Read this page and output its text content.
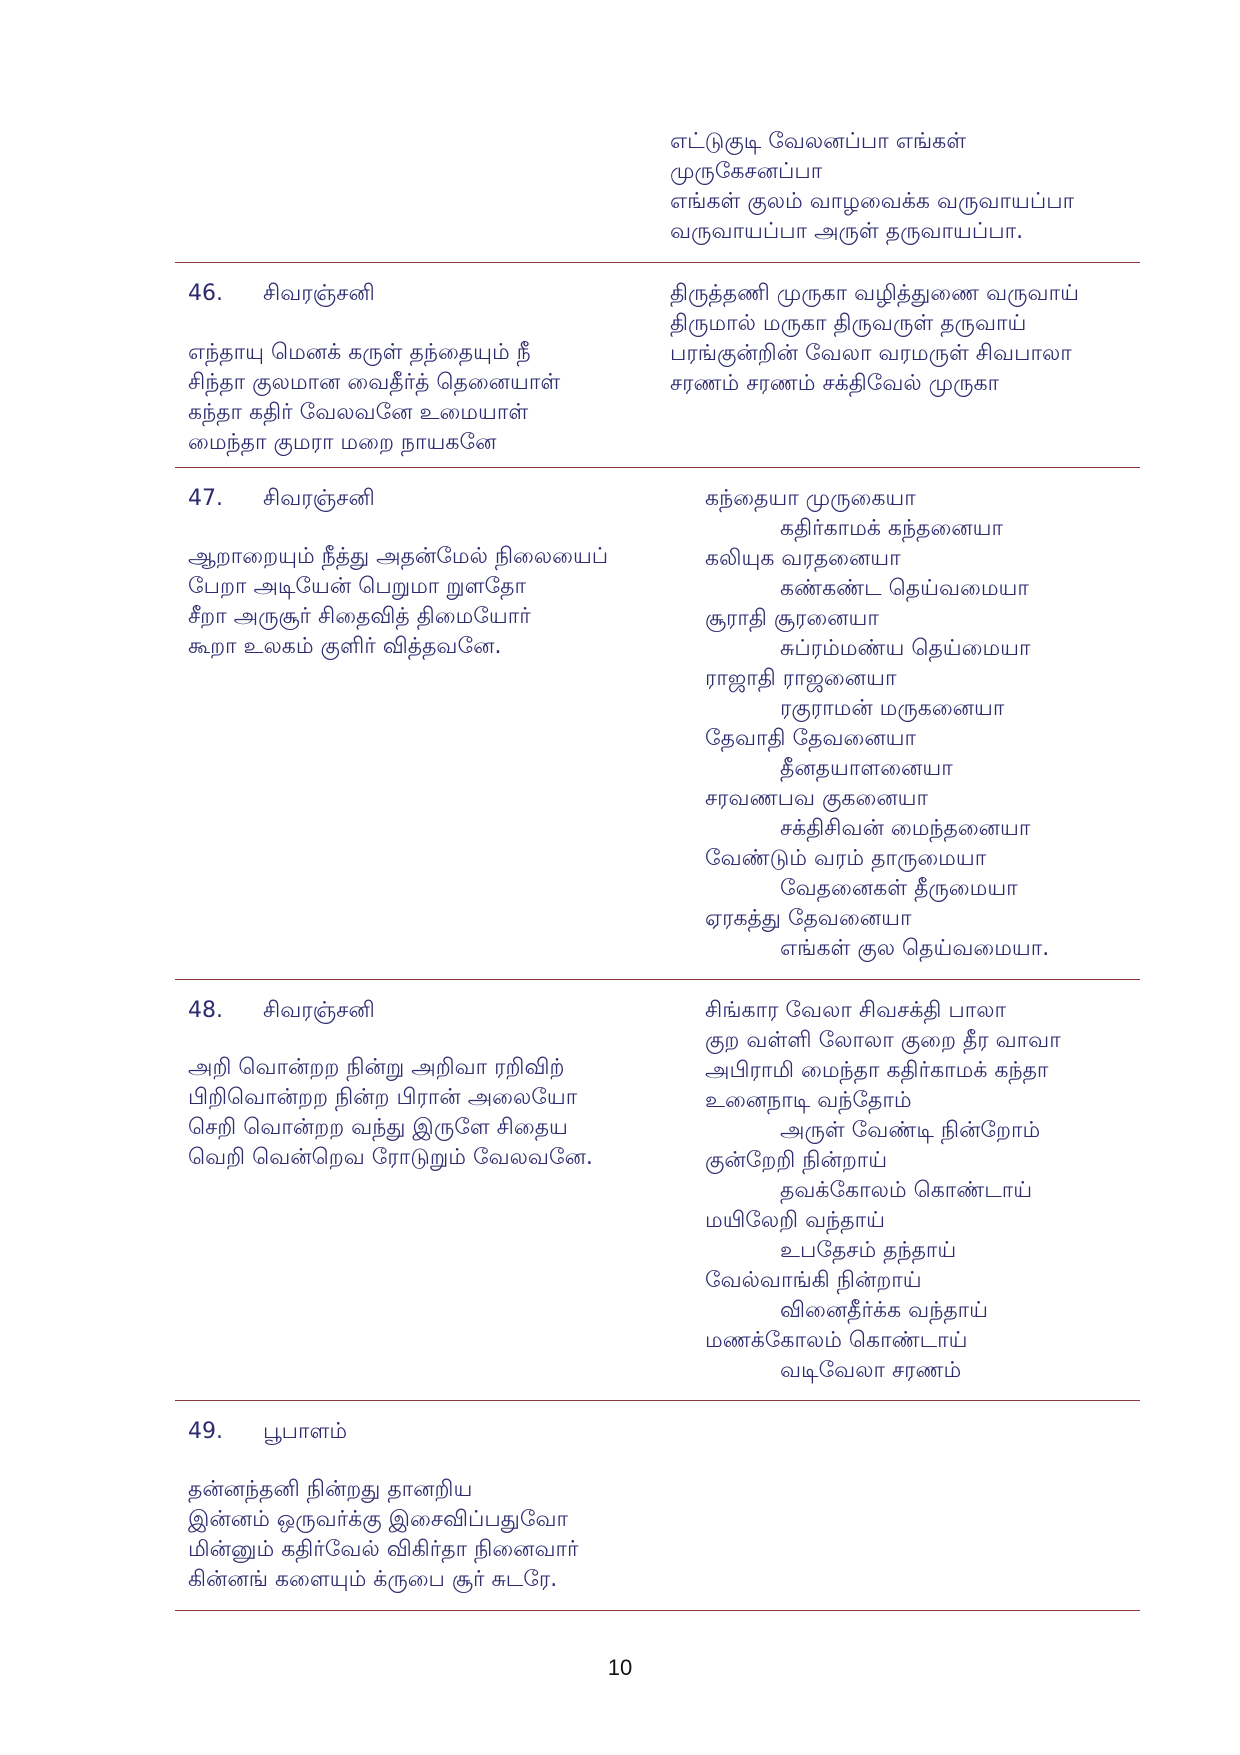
எட்டுகுடி வேலனப்பா எங்கள்
முருகேசனப்பா
எங்கள் குலம் வாழவைக்க வருவாயப்பா
வருவாயப்பா அருள் தருவாயப்பா.
46. சிவரஞ்சனி
எந்தாயு மெனக் கருள் தந்தையும் நீ
சிந்தா குலமான வைதீர்த் தெனையாள்
கந்தா கதிர் வேலவனே உமையாள்
மைந்தா குமரா மறை நாயகனே
திருத்தணி முருகா வழித்துணை வருவாய்
திருமால் மருகா திருவருள் தருவாய்
பரங்குன்றின் வேலா வரமருள் சிவபாலா
சரணம் சரணம் சக்திவேல் முருகா
47. சிவரஞ்சனி
ஆறாறையும் நீத்து அதன்மேல் நிலையைப்
பேறா அடியேன் பெறுமா றுளதோ
சீறா அருசூர் சிதைவித் திமையோர்
கூறா உலகம் குளிர் வித்தவனே.
கந்தையா முருகையா
கதிர்காமக் கந்தனையா
கலியுக வரதனையா
கண்கண்ட தெய்வமையா
சூராதி சூரனையா
சுப்ரம்மண்ய தெய்மையா
ராஜாதி ராஜனையா
ரகுராமன் மருகனையா
தேவாதி தேவனையா
தீனதயாளனையா
சரவணபவ குகனையா
சக்திசிவன் மைந்தனையா
வேண்டும் வரம் தாருமையா
வேதனைகள் தீருமையா
ஏரகத்து தேவனையா
எங்கள் குல தெய்வமையா.
48. சிவரஞ்சனி
அறி வொன்றற நின்று அறிவா ரறிவிற்
பிறிவொன்றற நின்ற பிரான் அலையோ
செறி வொன்றற வந்து இருளே சிதைய
வெறி வென்றெவ ரோடுறும் வேலவனே.
சிங்கார வேலா சிவசக்தி பாலா
குற வள்ளி லோலா குறை தீர வாவா
அபிராமி மைந்தா கதிர்காமக் கந்தா
உனைநாடி வந்தோம்
அருள் வேண்டி நின்றோம்
குன்றேறி நின்றாய்
தவக்கோலம் கொண்டாய்
மயிலேறி வந்தாய்
உபதேசம் தந்தாய்
வேல்வாங்கி நின்றாய்
வினைதீர்க்க வந்தாய்
மணக்கோலம் கொண்டாய்
வடிவேலா சரணம்
49. பூபாளம்
தன்னந்தனி நின்றது தானறிய
இன்னம் ஒருவர்க்கு இசைவிப்பதுவோ
மின்னும் கதிர்வேல் விகிர்தா நினைவார்
கின்னங் களையும் க்ருபை சூர் சுடரே.
10
